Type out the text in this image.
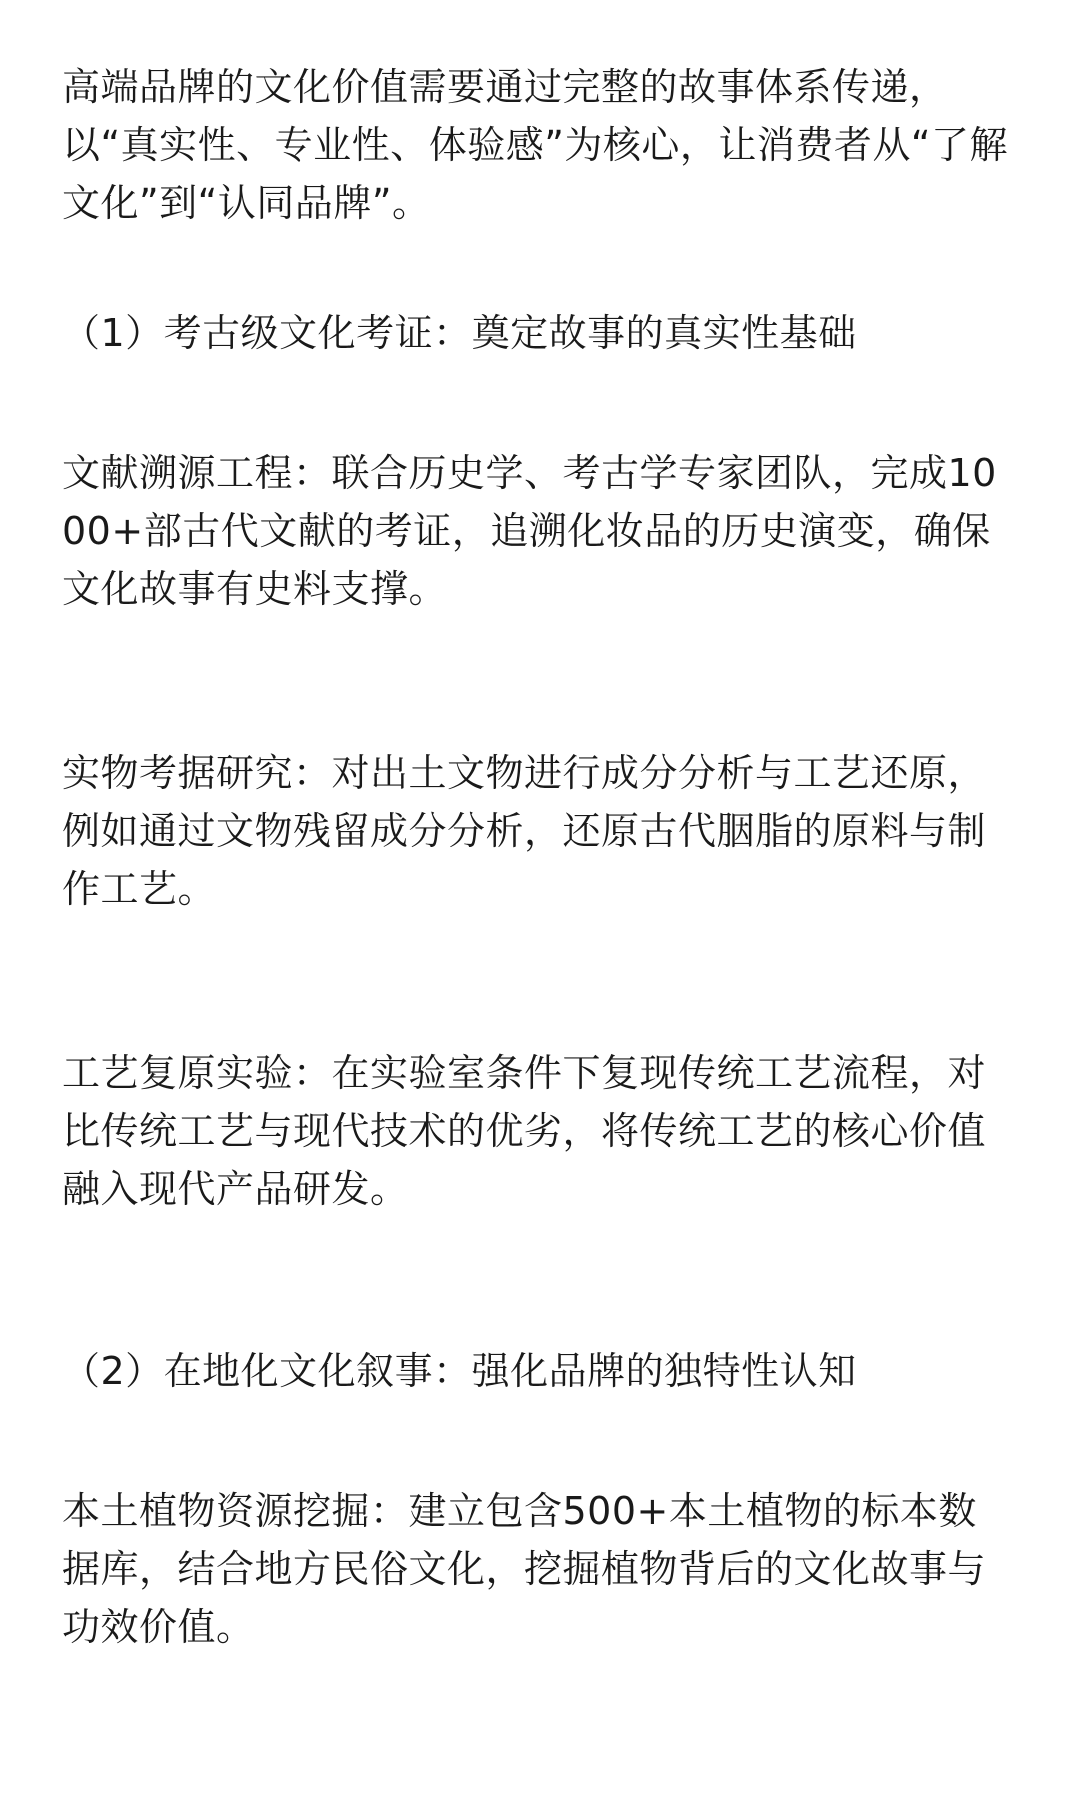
高端品牌的文化价值需要通过完整的故事体系传递，
以“真实性、专业性、体验感”为核心，让消费者从“了解
文化”到“认同品牌”。

（1）考古级文化考证：奠定故事的真实性基础

文献溯源工程：联合历史学、考古学专家团队，完成10
00+部古代文献的考证，追溯化妆品的历史演变，确保
文化故事有史料支撑。

实物考据研究：对出土文物进行成分分析与工艺还原，
例如通过文物残留成分分析，还原古代胭脂的原料与制
作工艺。

工艺复原实验：在实验室条件下复现传统工艺流程，对
比传统工艺与现代技术的优劣，将传统工艺的核心价值
融入现代产品研发。

（2）在地化文化叙事：强化品牌的独特性认知

本土植物资源挖掘：建立包含500+本土植物的标本数
据库，结合地方民俗文化，挖掘植物背后的文化故事与
功效价值。
